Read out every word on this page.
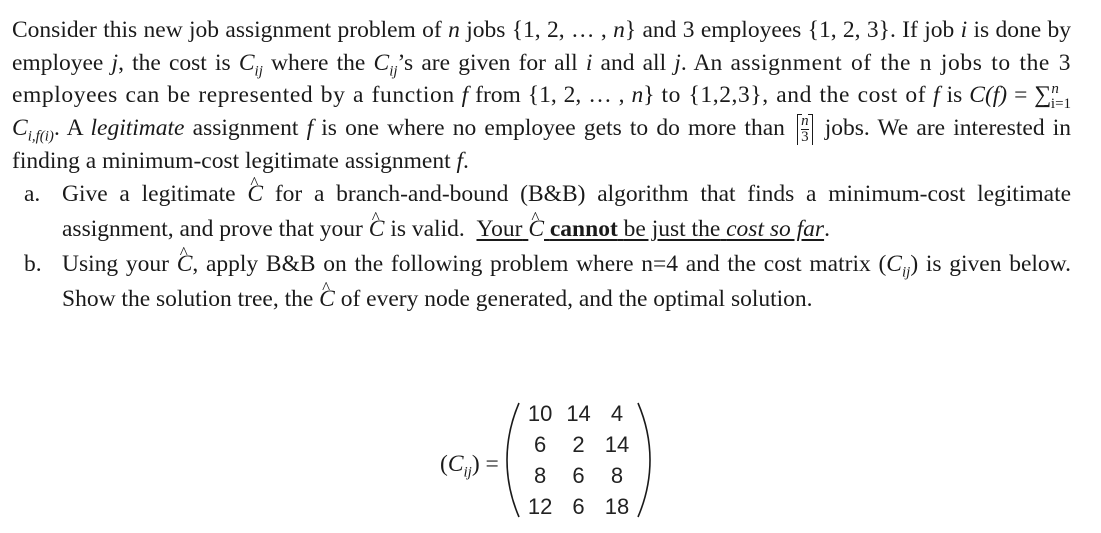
Consider this new job assignment problem of n jobs {1, 2, … , n} and 3 employees {1, 2, 3}. If job i is done by employee j, the cost is $C_{ij}$ where the $C_{ij}’s$ are given for all i and all j. An assignment of the n jobs to the 3 employees can be represented by a function f from {1, 2, … , n} to {1,2,3}, and the cost of f is C(f) = ∑$^n_{i=1}$ $C_{i,f(i)}$. A legitimate assignment f is one where no employee gets to do more than $\frac{n}{3}$ jobs. We are interested in finding a minimum-cost legitimate assignment f.

a. Give a legitimate ^ C for a branch-and-bound (B&B) algorithm that finds a minimum-cost legitimate assignment, and prove that your ^ C is valid. Your ^ C cannot be just the cost so far.
b. Using your ^ C, apply B&B on the following problem where n=4 and the cost matrix $(C_{ij})$ is given below. Show the solution tree, the ^ C of every node generated, and the optimal solution.
$(C_{ij})$ =
10	14	4
6	2	14
8	6	8
12	6	18
